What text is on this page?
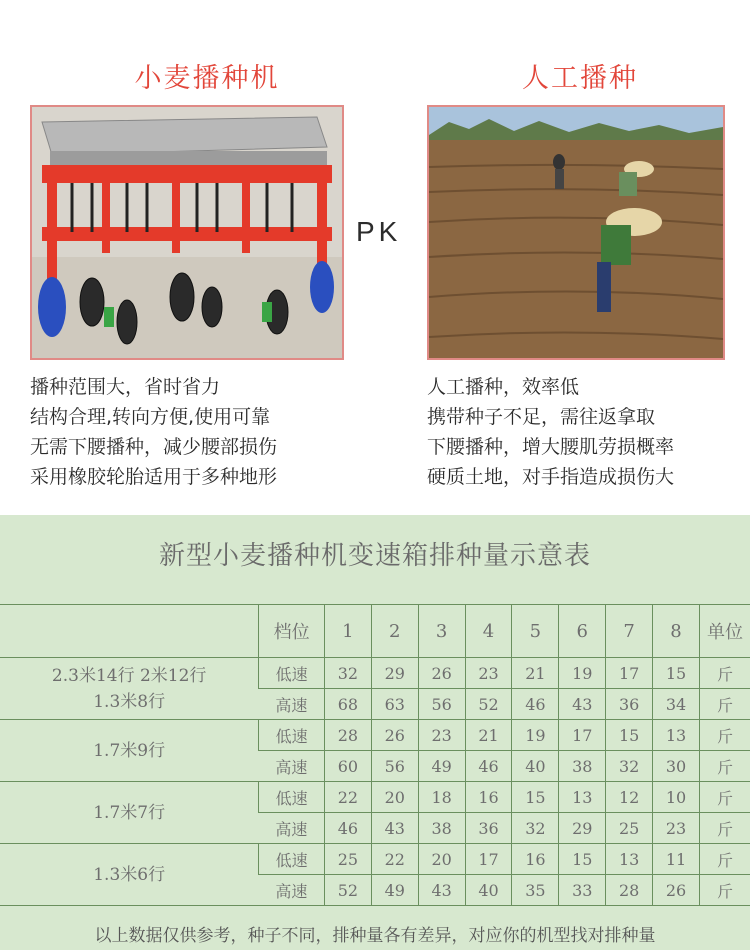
小麦播种机	人工播种
PK
播种范围大，省时省力
结构合理,转向方便,使用可靠
无需下腰播种，减少腰部损伤
采用橡胶轮胎适用于多种地形
人工播种，效率低
携带种子不足，需往返拿取
下腰播种，增大腰肌劳损概率
硬质土地，对手指造成损伤大
新型小麦播种机变速箱排种量示意表
	档位	1	2	3	4	5	6	7	8	单位

2.3米14行 2米12行
1.3米8行	低速	32	29	26	23	21	19	17	15	斤
	高速	68	63	56	52	46	43	36	34	斤

1.7米9行	低速	28	26	23	21	19	17	15	13	斤
	高速	60	56	49	46	40	38	32	30	斤

1.7米7行	低速	22	20	18	16	15	13	12	10	斤
	高速	46	43	38	36	32	29	25	23	斤

1.3米6行	低速	25	22	20	17	16	15	13	11	斤
	高速	52	49	43	40	35	33	28	26	斤
以上数据仅供参考，种子不同，排种量各有差异，对应你的机型找对排种量
